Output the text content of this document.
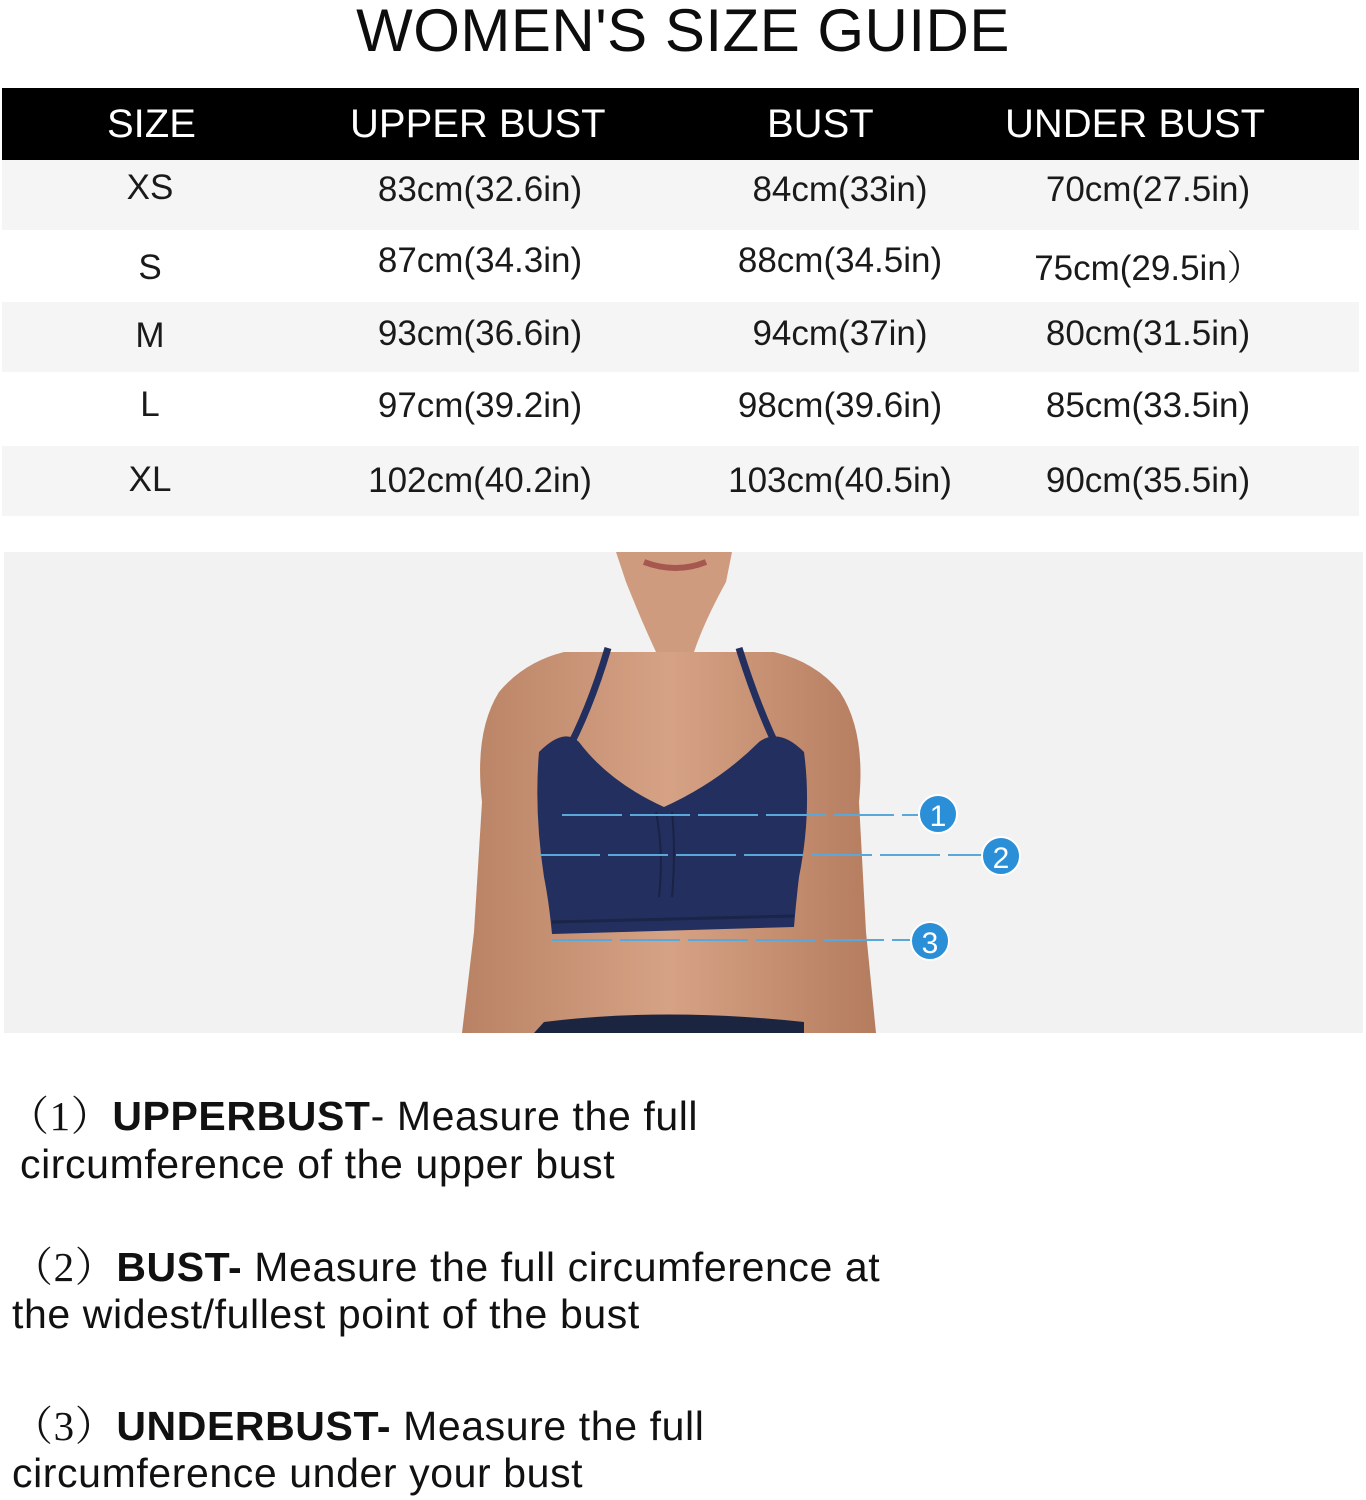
WOMEN'S SIZE GUIDE
SIZE	UPPER BUST	BUST	UNDER BUST
XS	83cm(32.6in)	84cm(33in)	70cm(27.5in)
S	87cm(34.3in)	88cm(34.5in)	75cm(29.5in）
M	93cm(36.6in)	94cm(37in)	80cm(31.5in)
L	97cm(39.2in)	98cm(39.6in)	85cm(33.5in)
XL	102cm(40.2in)	103cm(40.5in)	90cm(35.5in)
1
2
3
（1）UPPERBUST- Measure the full
circumference of the upper bust
（2）BUST- Measure the full circumference at
the widest/fullest point of the bust
（3）UNDERBUST- Measure the full
circumference under your bust
